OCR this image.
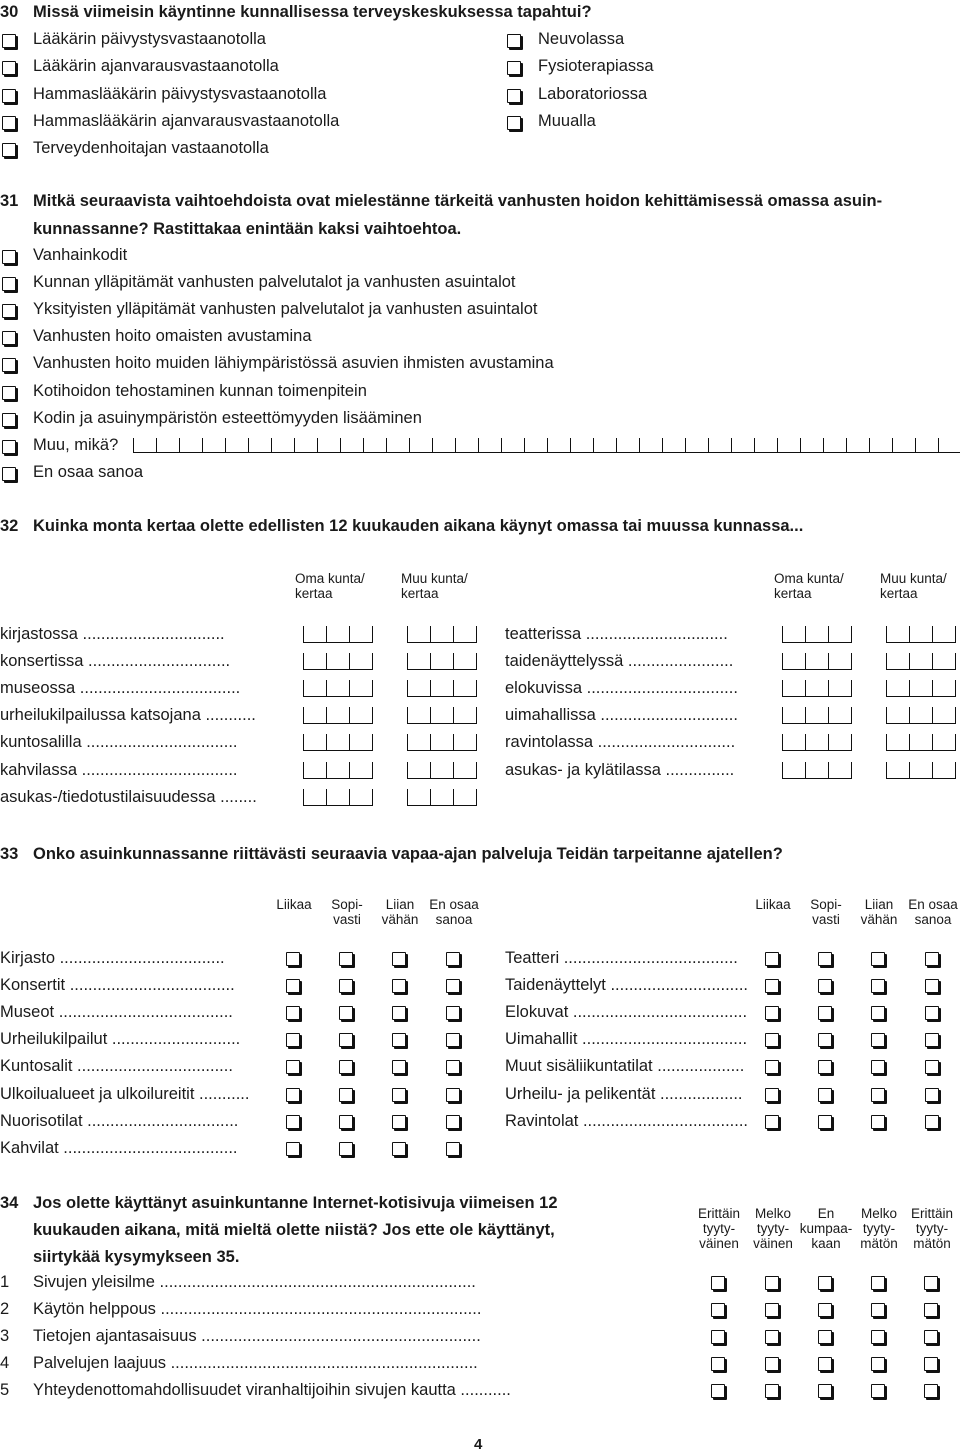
30 Missä viimeisin käyntinne kunnallisessa terveyskeskuksessa tapahtui?
Lääkärin päivystysvastaanotolla
Lääkärin ajanvarausvastaanotolla
Hammaslääkärin päivystysvastaanotolla
Hammaslääkärin ajanvarausvastaanotolla
Terveydenhoitajan vastaanotolla
Neuvolassa
Fysioterapiassa
Laboratoriossa
Muualla
31 Mitkä seuraavista vaihtoehdoista ovat mielestänne tärkeitä vanhusten hoidon kehittämisessä omassa asuin-
kunnassanne? Rastittakaa enintään kaksi vaihtoehtoa.
Vanhainkodit
Kunnan ylläpitämät vanhusten palvelutalot ja vanhusten asuintalot
Yksityisten ylläpitämät vanhusten palvelutalot ja vanhusten asuintalot
Vanhusten hoito omaisten avustamina
Vanhusten hoito muiden lähiympäristössä asuvien ihmisten avustamina
Kotihoidon tehostaminen kunnan toimenpitein
Kodin ja asuinympäristön esteettömyyden lisääminen
Muu, mikä?
En osaa sanoa
32 Kuinka monta kertaa olette edellisten 12 kuukauden aikana käynyt omassa tai muussa kunnassa...
Oma kunta/
kertaa
Muu kunta/
kertaa
Oma kunta/
kertaa
Muu kunta/
kertaa
kirjastossa ...............................
konsertissa ...............................
museossa ...................................
urheilukilpailussa katsojana ...........
kuntosalilla .................................
kahvilassa ..................................
asukas-/tiedotustilaisuudessa ........
teatterissa ...............................
taidenäyttelyssä .......................
elokuvissa .................................
uimahallissa ..............................
ravintolassa ..............................
asukas- ja kylätilassa ...............
33 Onko asuinkunnassanne riittävästi seuraavia vapaa-ajan palveluja Teidän tarpeitanne ajatellen?
Liikaa	Sopi-
vasti
Liian
vähän
En osaa
sanoa
Liikaa	Sopi-
vasti
Liian
vähän
En osaa
sanoa
Kirjasto ....................................
Konsertit ....................................
Museot ......................................
Urheilukilpailut ............................
Kuntosalit ..................................
Ulkoilualueet ja ulkoilureitit ...........
Nuorisotilat .................................
Kahvilat ......................................
Teatteri ......................................
Taidenäyttelyt ..............................
Elokuvat ......................................
Uimahallit ....................................
Muut sisäliikuntatilat ...................
Urheilu- ja pelikentät ..................
Ravintolat ....................................
34 Jos olette käyttänyt asuinkuntanne Internet-kotisivuja viimeisen 12
kuukauden aikana, mitä mieltä olette niistä? Jos ette ole käyttänyt,
siirtykää kysymykseen 35.
Erittäin
tyyty-
väinen
Melko
tyyty-
väinen
En
kumpaa-
kaan
Melko
tyyty-
mätön
Erittäin
tyyty-
mätön
1 Sivujen yleisilme .....................................................................
2 Käytön helppous ......................................................................
3 Tietojen ajantasaisuus .............................................................
4 Palvelujen laajuus ...................................................................
5 Yhteydenottomahdollisuudet viranhaltijoihin sivujen kautta ...........
4
